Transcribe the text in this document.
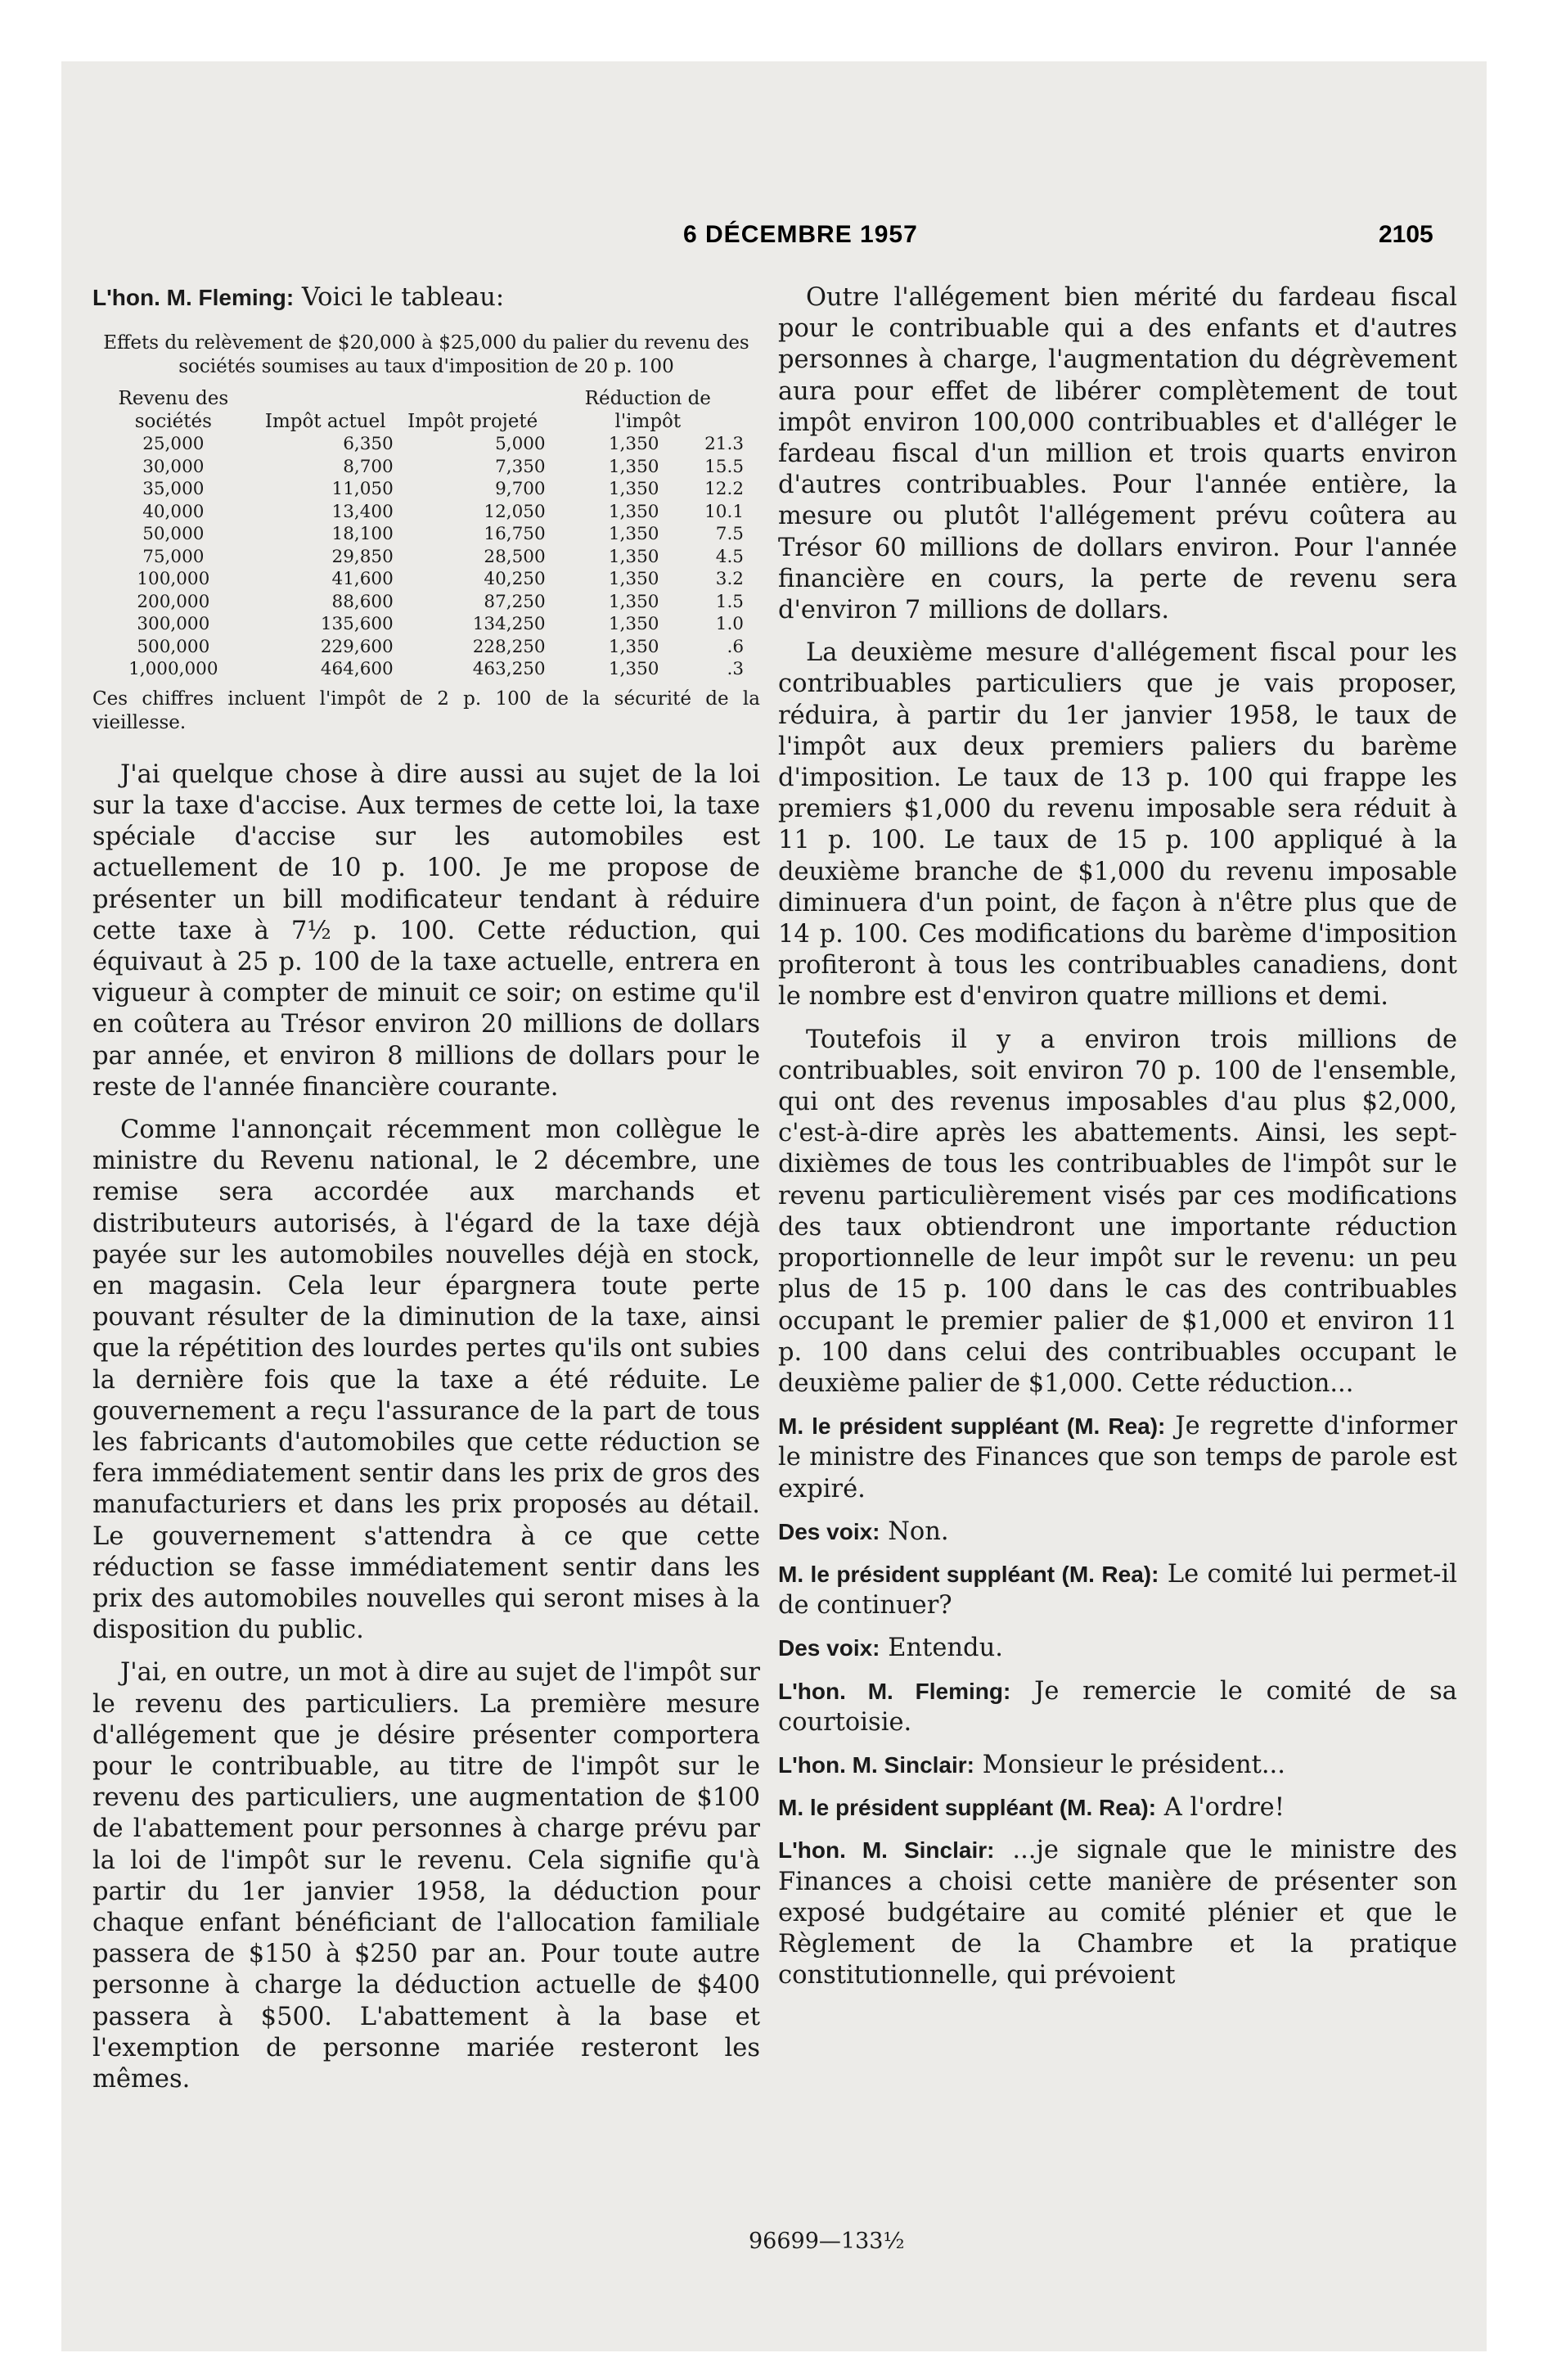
6 DÉCEMBRE 1957	2105

L'hon. M. Fleming: Voici le tableau:

Effets du relèvement de $20,000 à $25,000 du palier du revenu des sociétés soumises au taux d'imposition de 20 p. 100
Revenu des sociétés	Impôt actuel	Impôt projeté	Réduction de l'impôt	
25,000	6,350	5,000	1,350	21.3
30,000	8,700	7,350	1,350	15.5
35,000	11,050	9,700	1,350	12.2
40,000	13,400	12,050	1,350	10.1
50,000	18,100	16,750	1,350	7.5
75,000	29,850	28,500	1,350	4.5
100,000	41,600	40,250	1,350	3.2
200,000	88,600	87,250	1,350	1.5
300,000	135,600	134,250	1,350	1.0
500,000	229,600	228,250	1,350	.6
1,000,000	464,600	463,250	1,350	.3

Ces chiffres incluent l'impôt de 2 p. 100 de la sécurité de la vieillesse.

J'ai quelque chose à dire aussi au sujet de la loi sur la taxe d'accise. Aux termes de cette loi, la taxe spéciale d'accise sur les automobiles est actuellement de 10 p. 100. Je me propose de présenter un bill modificateur tendant à réduire cette taxe à 7½ p. 100. Cette réduction, qui équivaut à 25 p. 100 de la taxe actuelle, entrera en vigueur à compter de minuit ce soir; on estime qu'il en coûtera au Trésor environ 20 millions de dollars par année, et environ 8 millions de dollars pour le reste de l'année financière courante.

Comme l'annonçait récemment mon collègue le ministre du Revenu national, le 2 décembre, une remise sera accordée aux marchands et distributeurs autorisés, à l'égard de la taxe déjà payée sur les automobiles nouvelles déjà en stock, en magasin. Cela leur épargnera toute perte pouvant résulter de la diminution de la taxe, ainsi que la répétition des lourdes pertes qu'ils ont subies la dernière fois que la taxe a été réduite. Le gouvernement a reçu l'assurance de la part de tous les fabricants d'automobiles que cette réduction se fera immédiatement sentir dans les prix de gros des manufacturiers et dans les prix proposés au détail. Le gouvernement s'attendra à ce que cette réduction se fasse immédiatement sentir dans les prix des automobiles nouvelles qui seront mises à la disposition du public.

J'ai, en outre, un mot à dire au sujet de l'impôt sur le revenu des particuliers. La première mesure d'allégement que je désire présenter comportera pour le contribuable, au titre de l'impôt sur le revenu des particuliers, une augmentation de $100 de l'abattement pour personnes à charge prévu par la loi de l'impôt sur le revenu. Cela signifie qu'à partir du 1er janvier 1958, la déduction pour chaque enfant bénéficiant de l'allocation familiale passera de $150 à $250 par an. Pour toute autre personne à charge la déduction actuelle de $400 passera à $500. L'abattement à la base et l'exemption de personne mariée resteront les mêmes.

Outre l'allégement bien mérité du fardeau fiscal pour le contribuable qui a des enfants et d'autres personnes à charge, l'augmentation du dégrèvement aura pour effet de libérer complètement de tout impôt environ 100,000 contribuables et d'alléger le fardeau fiscal d'un million et trois quarts environ d'autres contribuables. Pour l'année entière, la mesure ou plutôt l'allégement prévu coûtera au Trésor 60 millions de dollars environ. Pour l'année financière en cours, la perte de revenu sera d'environ 7 millions de dollars.

La deuxième mesure d'allégement fiscal pour les contribuables particuliers que je vais proposer, réduira, à partir du 1er janvier 1958, le taux de l'impôt aux deux premiers paliers du barème d'imposition. Le taux de 13 p. 100 qui frappe les premiers $1,000 du revenu imposable sera réduit à 11 p. 100. Le taux de 15 p. 100 appliqué à la deuxième branche de $1,000 du revenu imposable diminuera d'un point, de façon à n'être plus que de 14 p. 100. Ces modifications du barème d'imposition profiteront à tous les contribuables canadiens, dont le nombre est d'environ quatre millions et demi.

Toutefois il y a environ trois millions de contribuables, soit environ 70 p. 100 de l'ensemble, qui ont des revenus imposables d'au plus $2,000, c'est-à-dire après les abattements. Ainsi, les sept-dixièmes de tous les contribuables de l'impôt sur le revenu particulièrement visés par ces modifications des taux obtiendront une importante réduction proportionnelle de leur impôt sur le revenu: un peu plus de 15 p. 100 dans le cas des contribuables occupant le premier palier de $1,000 et environ 11 p. 100 dans celui des contribuables occupant le deuxième palier de $1,000. Cette réduction...

M. le président suppléant (M. Rea): Je regrette d'informer le ministre des Finances que son temps de parole est expiré.

Des voix: Non.

M. le président suppléant (M. Rea): Le comité lui permet-il de continuer?

Des voix: Entendu.

L'hon. M. Fleming: Je remercie le comité de sa courtoisie.

L'hon. M. Sinclair: Monsieur le président...

M. le président suppléant (M. Rea): A l'ordre!

L'hon. M. Sinclair: ...je signale que le ministre des Finances a choisi cette manière de présenter son exposé budgétaire au comité plénier et que le Règlement de la Chambre et la pratique constitutionnelle, qui prévoient

96699—133½
